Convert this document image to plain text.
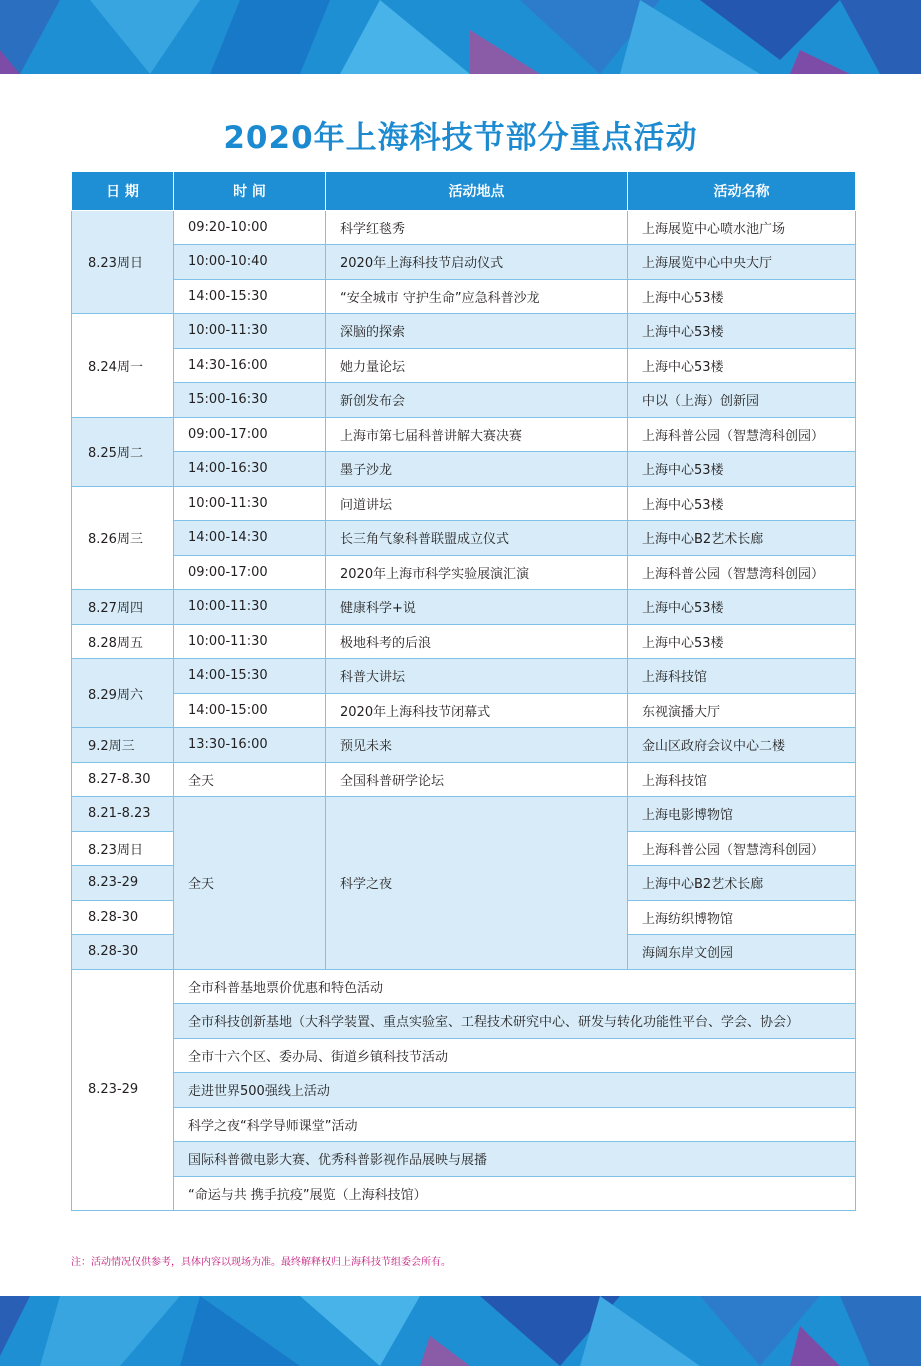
2020年上海科技节部分重点活动
日 期	时 间	活动地点	活动名称
8.23周日	09:20-10:00	科学红毯秀	上海展览中心喷水池广场
	10:00-10:40	2020年上海科技节启动仪式	上海展览中心中央大厅
	14:00-15:30	“安全城市 守护生命”应急科普沙龙	上海中心53楼
8.24周一	10:00-11:30	深脑的探索	上海中心53楼
	14:30-16:00	她力量论坛	上海中心53楼
	15:00-16:30	新创发布会	中以（上海）创新园
8.25周二	09:00-17:00	上海市第七届科普讲解大赛决赛	上海科普公园（智慧湾科创园）
	14:00-16:30	墨子沙龙	上海中心53楼
8.26周三	10:00-11:30	问道讲坛	上海中心53楼
	14:00-14:30	长三角气象科普联盟成立仪式	上海中心B2艺术长廊
	09:00-17:00	2020年上海市科学实验展演汇演	上海科普公园（智慧湾科创园）
8.27周四	10:00-11:30	健康科学+说	上海中心53楼
8.28周五	10:00-11:30	极地科考的后浪	上海中心53楼
8.29周六	14:00-15:30	科普大讲坛	上海科技馆
	14:00-15:00	2020年上海科技节闭幕式	东视演播大厅
9.2周三	13:30-16:00	预见未来	金山区政府会议中心二楼
8.27-8.30	全天	全国科普研学论坛	上海科技馆
8.21-8.23	全天	科学之夜	上海电影博物馆
8.23周日			上海科普公园（智慧湾科创园）
8.23-29			上海中心B2艺术长廊
8.28-30			上海纺织博物馆
8.28-30			海阔东岸文创园
8.23-29	全市科普基地票价优惠和特色活动		
	全市科技创新基地（大科学装置、重点实验室、工程技术研究中心、研发与转化功能性平台、学会、协会）		
	全市十六个区、委办局、街道乡镇科技节活动		
	走进世界500强线上活动		
	科学之夜“科学导师课堂”活动		
	国际科普微电影大赛、优秀科普影视作品展映与展播		
	“命运与共 携手抗疫”展览（上海科技馆）		
注：活动情况仅供参考，具体内容以现场为准。最终解释权归上海科技节组委会所有。
